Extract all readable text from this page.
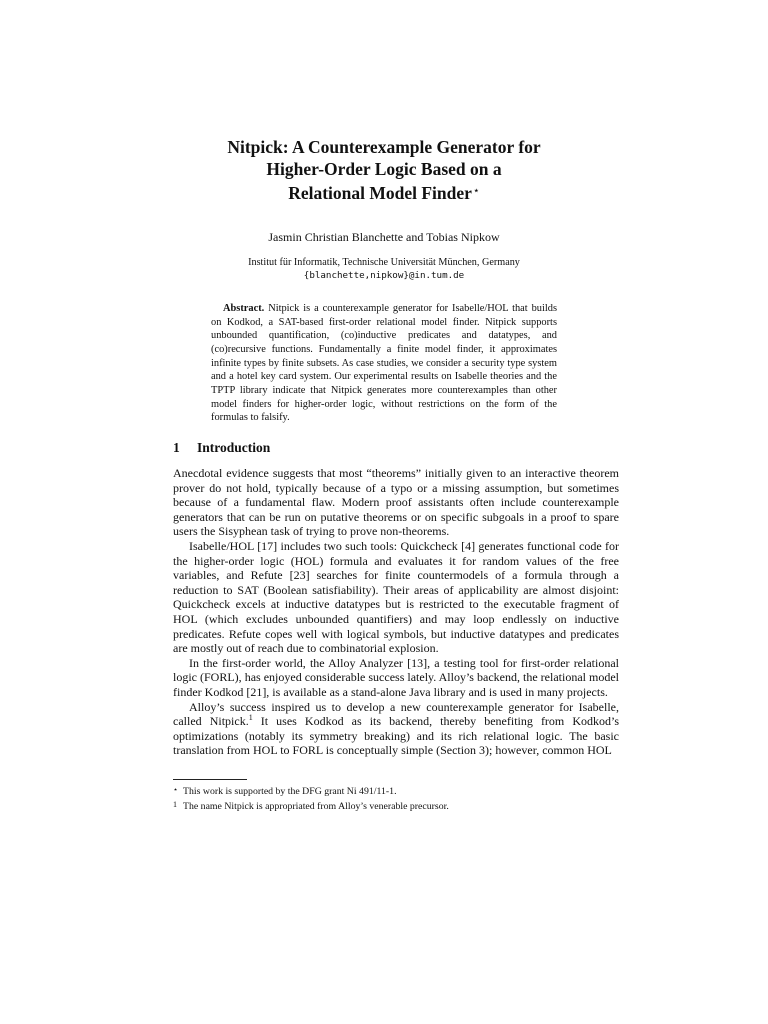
Nitpick: A Counterexample Generator for
Higher-Order Logic Based on a
Relational Model Finder⋆
Jasmin Christian Blanchette and Tobias Nipkow
Institut für Informatik, Technische Universität München, Germany
{blanchette,nipkow}@in.tum.de
Abstract. Nitpick is a counterexample generator for Isabelle/HOL that builds on Kodkod, a SAT-based first-order relational model finder. Nitpick supports unbounded quantification, (co)inductive predicates and datatypes, and (co)recursive functions. Fundamentally a finite model finder, it approximates infinite types by finite subsets. As case studies, we consider a security type system and a hotel key card system. Our experimental results on Isabelle theories and the TPTP library indicate that Nitpick generates more counterexamples than other model finders for higher-order logic, without restrictions on the form of the formulas to falsify.
1 Introduction

Anecdotal evidence suggests that most “theorems” initially given to an interactive theorem prover do not hold, typically because of a typo or a missing assumption, but sometimes because of a fundamental flaw. Modern proof assistants often include counterexample generators that can be run on putative theorems or on specific subgoals in a proof to spare users the Sisyphean task of trying to prove non-theorems.

Isabelle/HOL [17] includes two such tools: Quickcheck [4] generates functional code for the higher-order logic (HOL) formula and evaluates it for random values of the free variables, and Refute [23] searches for finite countermodels of a formula through a reduction to SAT (Boolean satisfiability). Their areas of applicability are almost disjoint: Quickcheck excels at inductive datatypes but is restricted to the executable fragment of HOL (which excludes unbounded quantifiers) and may loop endlessly on inductive predicates. Refute copes well with logical symbols, but inductive datatypes and predicates are mostly out of reach due to combinatorial explosion.

In the first-order world, the Alloy Analyzer [13], a testing tool for first-order relational logic (FORL), has enjoyed considerable success lately. Alloy’s backend, the relational model finder Kodkod [21], is available as a stand-alone Java library and is used in many projects.

Alloy’s success inspired us to develop a new counterexample generator for Isabelle, called Nitpick.$^1$ It uses Kodkod as its backend, thereby benefiting from Kodkod’s optimizations (notably its symmetry breaking) and its rich relational logic. The basic translation from HOL to FORL is conceptually simple (Section 3); however, common HOL

⋆ This work is supported by the DFG grant Ni 491/11-1.
1 The name Nitpick is appropriated from Alloy’s venerable precursor.
